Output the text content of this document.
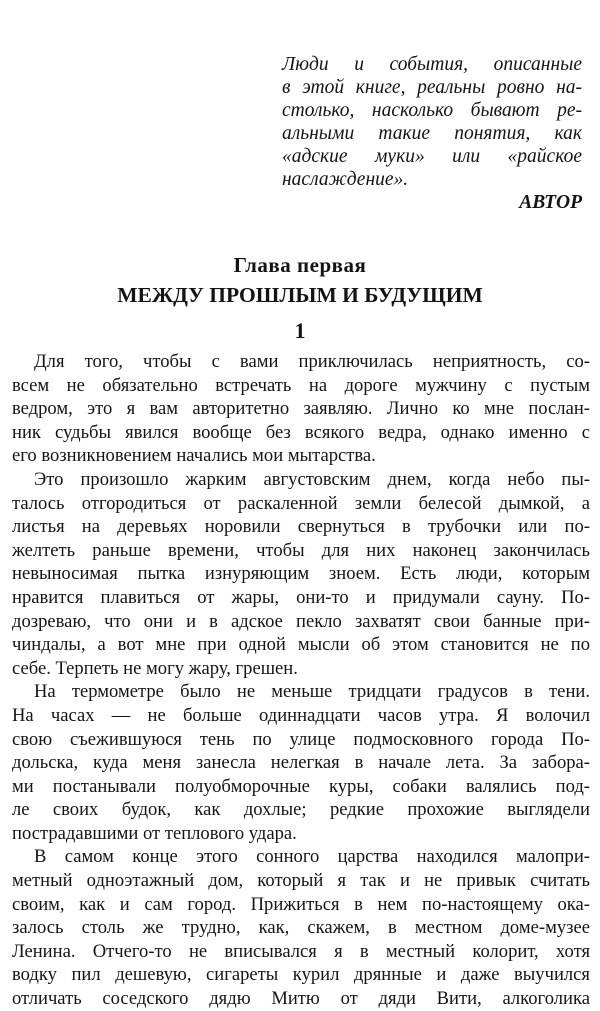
Люди и события, описанные
в этой книге, реальны ровно на-
столько, насколько бывают ре-
альными такие понятия, как
«адские муки» или «райское
наслаждение».
АВТОР
Глава первая
МЕЖДУ ПРОШЛЫМ И БУДУЩИМ
1
Для того, чтобы с вами приключилась неприятность, со-
всем не обязательно встречать на дороге мужчину с пустым
ведром, это я вам авторитетно заявляю. Лично ко мне послан-
ник судьбы явился вообще без всякого ведра, однако именно с
его возникновением начались мои мытарства.
Это произошло жарким августовским днем, когда небо пы-
талось отгородиться от раскаленной земли белесой дымкой, а
листья на деревьях норовили свернуться в трубочки или по-
желтеть раньше времени, чтобы для них наконец закончилась
невыносимая пытка изнуряющим зноем. Есть люди, которым
нравится плавиться от жары, они-то и придумали сауну. По-
дозреваю, что они и в адское пекло захватят свои банные при-
чиндалы, а вот мне при одной мысли об этом становится не по
себе. Терпеть не могу жару, грешен.
На термометре было не меньше тридцати градусов в тени.
На часах — не больше одиннадцати часов утра. Я волочил
свою съежившуюся тень по улице подмосковного города По-
дольска, куда меня занесла нелегкая в начале лета. За забора-
ми постанывали полуобморочные куры, собаки валялись под-
ле своих будок, как дохлые; редкие прохожие выглядели
пострадавшими от теплового удара.
В самом конце этого сонного царства находился малопри-
метный одноэтажный дом, который я так и не привык считать
своим, как и сам город. Прижиться в нем по-настоящему ока-
залось столь же трудно, как, скажем, в местном доме-музее
Ленина. Отчего-то не вписывался я в местный колорит, хотя
водку пил дешевую, сигареты курил дрянные и даже выучился
отличать соседского дядю Митю от дяди Вити, алкоголика
